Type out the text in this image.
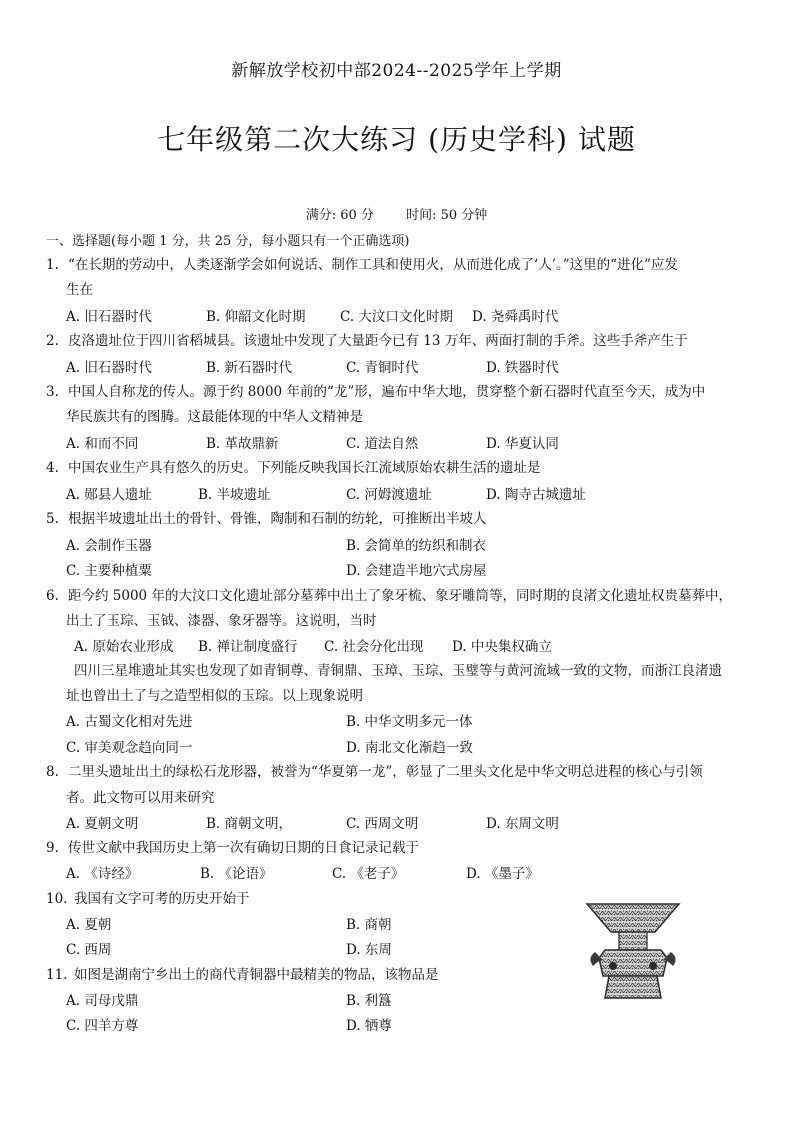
新解放学校初中部2024--2025学年上学期
七年级第二次大练习 (历史学科) 试题
满分: 60 分 时间: 50 分钟
一、选择题(每小题 1 分，共 25 分，每小题只有一个正确选项)
1. “在长期的劳动中，人类逐渐学会如何说话、制作工具和使用火，从而进化成了‘人’。”这里的“进化”应发
生在
A. 旧石器时代	B. 仰韶文化时期	C. 大汶口文化时期 D. 尧舜禹时代
2. 皮洛遗址位于四川省稻城县。该遗址中发现了大量距今已有 13 万年、两面打制的手斧。这些手斧产生于
A. 旧石器时代	B. 新石器时代	C. 青铜时代	D. 铁器时代
3. 中国人自称龙的传人。源于约 8000 年前的“龙”形，遍布中华大地，贯穿整个新石器时代直至今天，成为中
华民族共有的图腾。这最能体现的中华人文精神是
A. 和而不同	B. 革故鼎新	C. 道法自然	D. 华夏认同
4. 中国农业生产具有悠久的历史。下列能反映我国长江流域原始农耕生活的遗址是
A. 郧县人遗址	B. 半坡遗址	C. 河姆渡遗址	D. 陶寺古城遗址
5. 根据半坡遗址出土的骨针、骨锥，陶制和石制的纺轮，可推断出半坡人
A. 会制作玉器	B. 会简单的纺织和制衣
C. 主要种植粟	D. 会建造半地穴式房屋
6. 距今约 5000 年的大汶口文化遗址部分墓葬中出土了象牙梳、象牙雕筒等，同时期的良渚文化遗址权贵墓葬中，
出土了玉琮、玉钺、漆器、象牙器等。这说明，当时
A. 原始农业形成 B. 禅让制度盛行 C. 社会分化出现 D. 中央集权确立
四川三星堆遗址其实也发现了如青铜尊、青铜鼎、玉璋、玉琮、玉璧等与黄河流域一致的文物，而浙江良渚遗
址也曾出土了与之造型相似的玉琮。以上现象说明
A. 古蜀文化相对先进	B. 中华文明多元一体
C. 审美观念趋向同一	D. 南北文化渐趋一致
8. 二里头遗址出土的绿松石龙形器，被誉为“华夏第一龙”，彰显了二里头文化是中华文明总进程的核心与引领
者。此文物可以用来研究
A. 夏朝文明	B. 商朝文明，	C. 西周文明	D. 东周文明
9. 传世文献中我国历史上第一次有确切日期的日食记录记载于
A. 《诗经》	B. 《论语》	C. 《老子》	D. 《墨子》
10. 我国有文字可考的历史开始于
A. 夏朝	B. 商朝
C. 西周	D. 东周
11. 如图是湖南宁乡出土的商代青铜器中最精美的物品，该物品是
A. 司母戊鼎	B. 利簋
C. 四羊方尊	D. 牺尊
